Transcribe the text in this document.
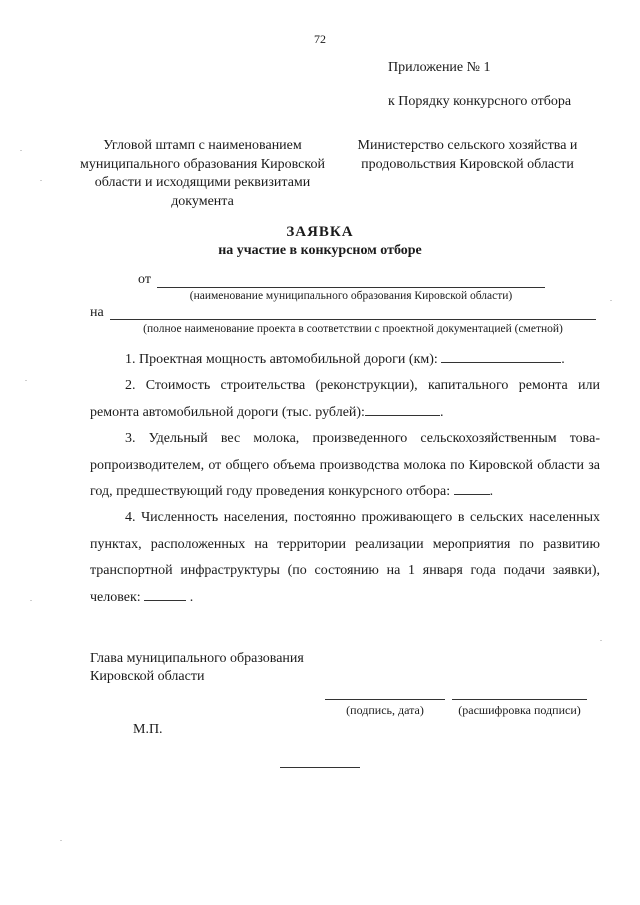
72
Приложение № 1
к Порядку конкурсного отбора
Угловой штамп с наименованием муниципального образования Кировской области и исходящими реквизитами документа
Министерство сельского хозяйства и продовольствия Кировской области
ЗАЯВКА
на участие в конкурсном отборе
от
(наименование муниципального образования Кировской области)
на
(полное наименование проекта в соответствии с проектной документацией (сметной)
1. Проектная мощность автомобильной дороги (км):	.
2. Стоимость строительства (реконструкции), капитального ремонта или ремонта автомобильной дороги (тыс. рублей):	.
3. Удельный вес молока, произведенного сельскохозяйственным товаропроизводителем, от общего объема производства молока по Кировской области за год, предшествующий году проведения конкурсного отбора:	.
4. Численность населения, постоянно проживающего в сельских населенных пунктах, расположенных на территории реализации мероприятия по развитию транспортной инфраструктуры (по состоянию на 1 января года подачи заявки), человек:	.
Главa муниципального образования Кировской области
(подпись, дата)	(расшифровка подписи)
М.П.
